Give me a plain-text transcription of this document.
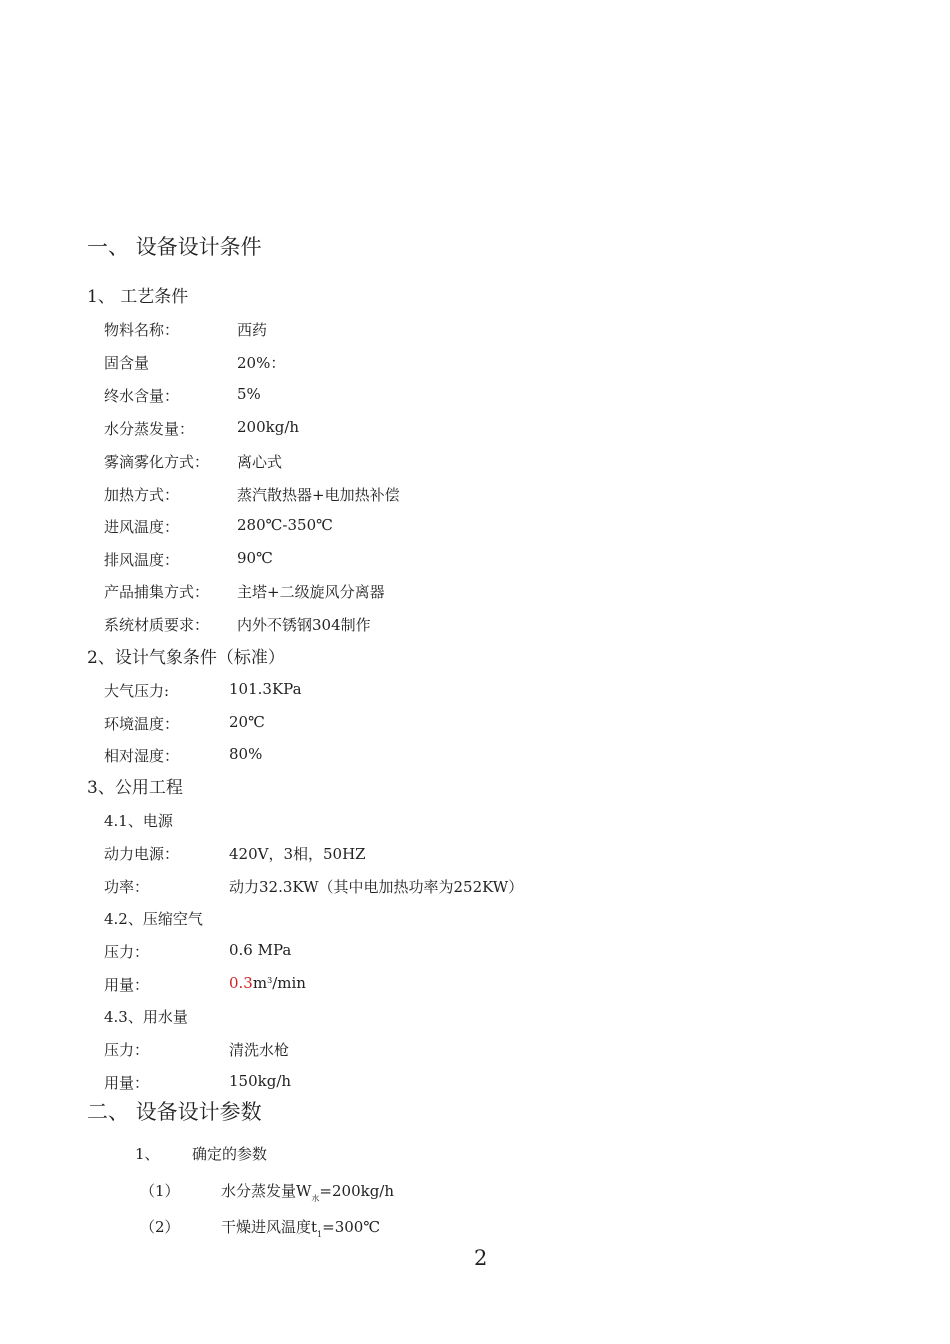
一、 设备设计条件
1、 工艺条件
物料名称：	西药
固含量	20%：
终水含量：	5%
水分蒸发量：	200kg/h
雾滴雾化方式： 离心式
加热方式：	蒸汽散热器+电加热补偿
进风温度：	280℃-350℃
排风温度：	90℃
产品捕集方式： 主塔+二级旋风分离器
系统材质要求： 内外不锈钢304制作
2、设计气象条件（标准）
大气压力:	101.3KPa
环境温度：	20℃
相对湿度：	80%
3、公用工程
4.1、电源
动力电源：	420V，3相，50HZ
功率：	动力32.3KW（其中电加热功率为252KW）
4.2、压缩空气
压力：	0.6 MPa
用量：	$0.3m^3/\min$
4.3、用水量
压力：	清洗水枪
用量：	150kg/h
二、 设备设计参数
1、 确定的参数
（1）	水分蒸发量$W_水=200kg/h$
（2）	干燥进风温度$t_1=300℃$
2
